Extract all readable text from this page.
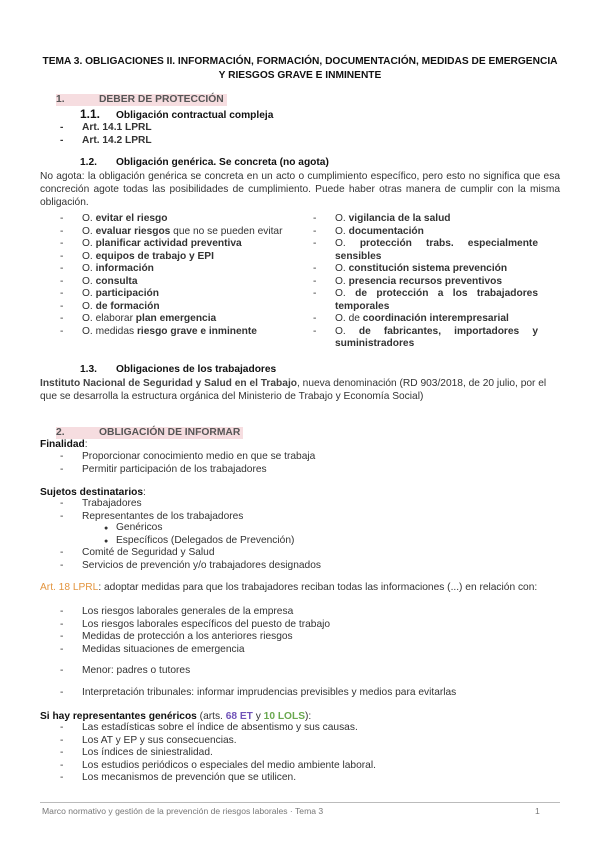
TEMA 3. OBLIGACIONES II. INFORMACIÓN, FORMACIÓN, DOCUMENTACIÓN, MEDIDAS DE EMERGENCIA Y RIESGOS GRAVE E INMINENTE
1.	DEBER DE PROTECCIÓN
1.1. Obligación contractual compleja
- Art. 14.1 LPRL
- Art. 14.2 LPRL
1.2. Obligación genérica. Se concreta (no agota)
No agota: la obligación genérica se concreta en un acto o cumplimiento específico, pero esto no significa que esa concreción agote todas las posibilidades de cumplimiento. Puede haber otras manera de cumplir con la misma obligación.
- O. evitar el riesgo
- O. evaluar riesgos que no se pueden evitar
- O. planificar actividad preventiva
- O. equipos de trabajo y EPI
- O. información
- O. consulta
- O. participación
- O. de formación
- O. elaborar plan emergencia
- O. medidas riesgo grave e inminente
- O. vigilancia de la salud
- O. documentación
- O. protección trabs. especialmente sensibles
- O. constitución sistema prevención
- O. presencia recursos preventivos
- O. de protección a los trabajadores temporales
- O. de coordinación interempresarial
- O. de fabricantes, importadores y suministradores
1.3. Obligaciones de los trabajadores
Instituto Nacional de Seguridad y Salud en el Trabajo, nueva denominación (RD 903/2018, de 20 julio, por el que se desarrolla la estructura orgánica del Ministerio de Trabajo y Economía Social)
2.	OBLIGACIÓN DE INFORMAR
Finalidad:
- Proporcionar conocimiento medio en que se trabaja
- Permitir participación de los trabajadores
Sujetos destinatarios:
- Trabajadores
- Representantes de los trabajadores
● Genéricos
● Específicos (Delegados de Prevención)
- Comité de Seguridad y Salud
- Servicios de prevención y/o trabajadores designados
Art. 18 LPRL: adoptar medidas para que los trabajadores reciban todas las informaciones (...) en relación con:
- Los riesgos laborales generales de la empresa
- Los riesgos laborales específicos del puesto de trabajo
- Medidas de protección a los anteriores riesgos
- Medidas situaciones de emergencia
- Menor: padres o tutores
- Interpretación tribunales: informar imprudencias previsibles y medios para evitarlas
Si hay representantes genéricos (arts. 68 ET y 10 LOLS):
- Las estadísticas sobre el índice de absentismo y sus causas.
- Los AT y EP y sus consecuencias.
- Los índices de siniestralidad.
- Los estudios periódicos o especiales del medio ambiente laboral.
- Los mecanismos de prevención que se utilicen.
Marco normativo y gestión de la prevención de riesgos laborales · Tema 3	1
